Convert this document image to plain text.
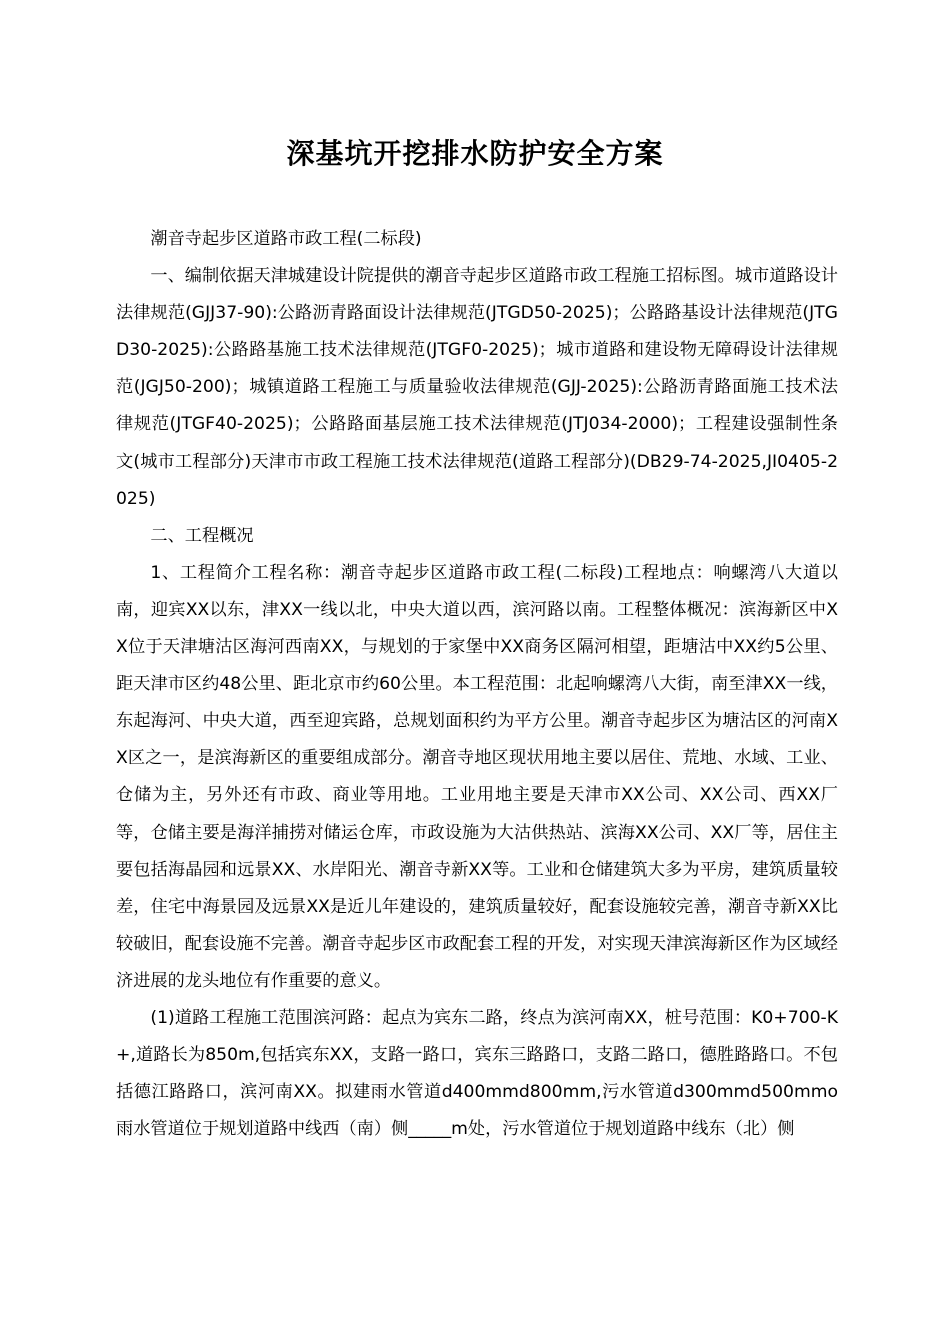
深基坑开挖排水防护安全方案

潮音寺起步区道路市政工程(二标段)

一、编制依据天津城建设计院提供的潮音寺起步区道路市政工程施工招标图。城市道路设计法律规范(GJJ37-90):公路沥青路面设计法律规范(JTGD50-2025)；公路路基设计法律规范(JTGD30-2025):公路路基施工技术法律规范(JTGF0-2025)；城市道路和建设物无障碍设计法律规范(JGJ50-200)；城镇道路工程施工与质量验收法律规范(GJJ-2025):公路沥青路面施工技术法律规范(JTGF40-2025)；公路路面基层施工技术法律规范(JTJ034-2000)；工程建设强制性条文(城市工程部分)天津市市政工程施工技术法律规范(道路工程部分)(DB29-74-2025,JI0405-2025)

二、工程概况

1、工程简介工程名称：潮音寺起步区道路市政工程(二标段)工程地点：响螺湾八大道以南，迎宾XX以东，津XX一线以北，中央大道以西，滨河路以南。工程整体概况：滨海新区中XX位于天津塘沽区海河西南XX，与规划的于家堡中XX商务区隔河相望，距塘沽中XX约5公里、距天津市区约48公里、距北京市约60公里。本工程范围：北起响螺湾八大街，南至津XX一线，东起海河、中央大道，西至迎宾路，总规划面积约为平方公里。潮音寺起步区为塘沽区的河南XX区之一，是滨海新区的重要组成部分。潮音寺地区现状用地主要以居住、荒地、水域、工业、仓储为主，另外还有市政、商业等用地。工业用地主要是天津市XX公司、XX公司、西XX厂等，仓储主要是海洋捕捞对储运仓库，市政设施为大沽供热站、滨海XX公司、XX厂等，居住主要包括海晶园和远景XX、水岸阳光、潮音寺新XX等。工业和仓储建筑大多为平房，建筑质量较差，住宅中海景园及远景XX是近儿年建设的，建筑质量较好，配套设施较完善，潮音寺新XX比较破旧，配套设施不完善。潮音寺起步区市政配套工程的开发，对实现天津滨海新区作为区域经济进展的龙头地位有作重要的意义。

(1)道路工程施工范围滨河路：起点为宾东二路，终点为滨河南XX，桩号范围：K0+700-K+,道路长为850m,包括宾东XX，支路一路口，宾东三路路口，支路二路口，德胜路路口。不包括德江路路口，滨河南XX。拟建雨水管道d400mmd800mm,污水管道d300mmd500mmo雨水管道位于规划道路中线西（南）侧_____m处，污水管道位于规划道路中线东（北）侧
